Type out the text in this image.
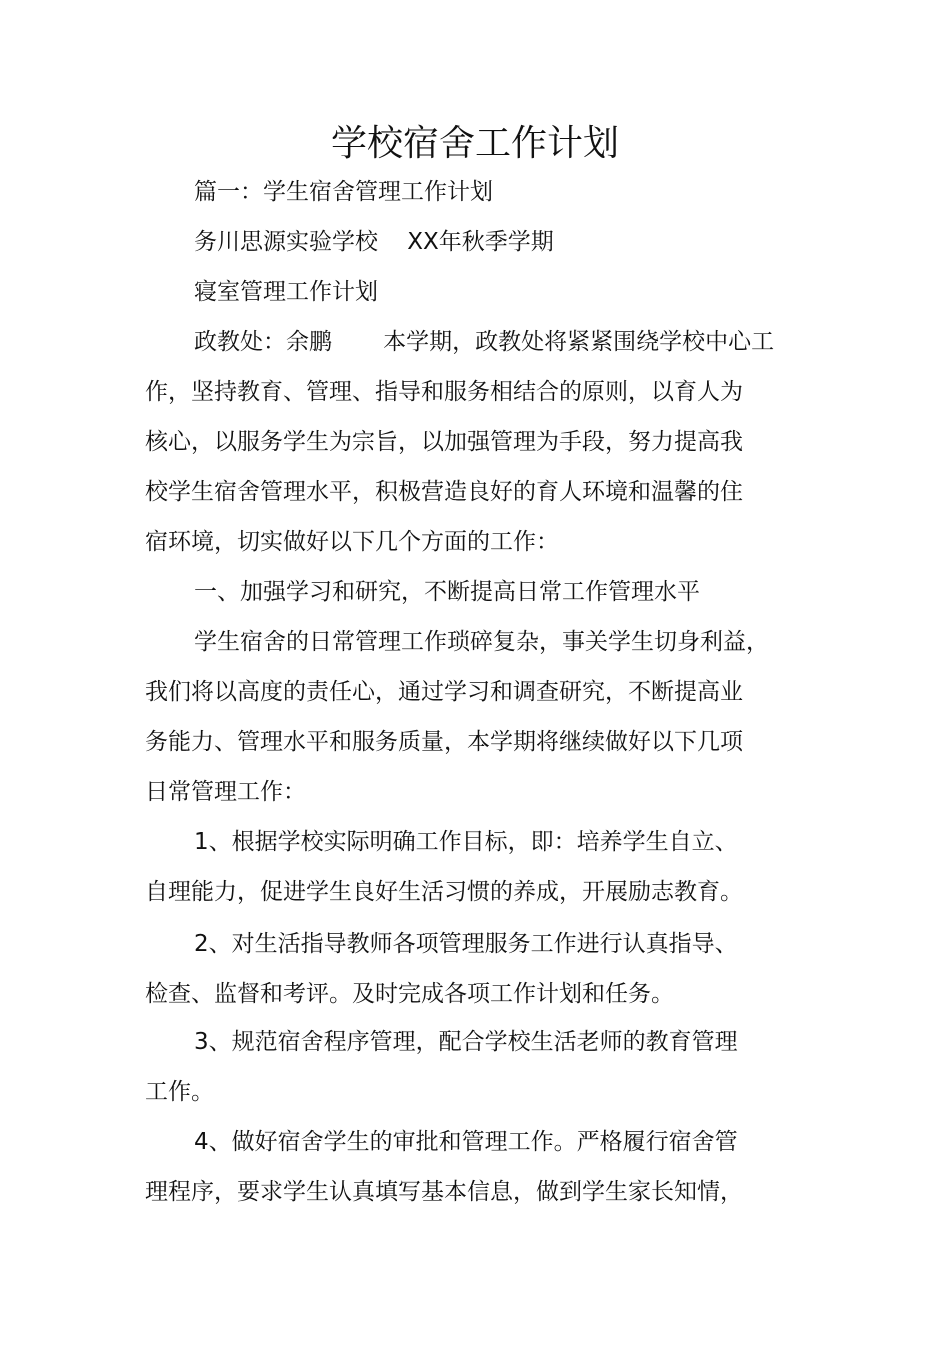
学校宿舍工作计划
篇一：学生宿舍管理工作计划
务川思源实验学校    XX年秋季学期
寝室管理工作计划
政教处：余鹏       本学期，政教处将紧紧围绕学校中心工
作，坚持教育、管理、指导和服务相结合的原则，以育人为
核心，以服务学生为宗旨，以加强管理为手段，努力提高我
校学生宿舍管理水平，积极营造良好的育人环境和温馨的住
宿环境，切实做好以下几个方面的工作：
一、加强学习和研究，不断提高日常工作管理水平
学生宿舍的日常管理工作琐碎复杂，事关学生切身利益，
我们将以高度的责任心，通过学习和调查研究，不断提高业
务能力、管理水平和服务质量，本学期将继续做好以下几项
日常管理工作：
1、根据学校实际明确工作目标，即：培养学生自立、
自理能力，促进学生良好生活习惯的养成，开展励志教育。
2、对生活指导教师各项管理服务工作进行认真指导、
检查、监督和考评。及时完成各项工作计划和任务。
3、规范宿舍程序管理，配合学校生活老师的教育管理
工作。
4、做好宿舍学生的审批和管理工作。严格履行宿舍管
理程序，要求学生认真填写基本信息，做到学生家长知情，
